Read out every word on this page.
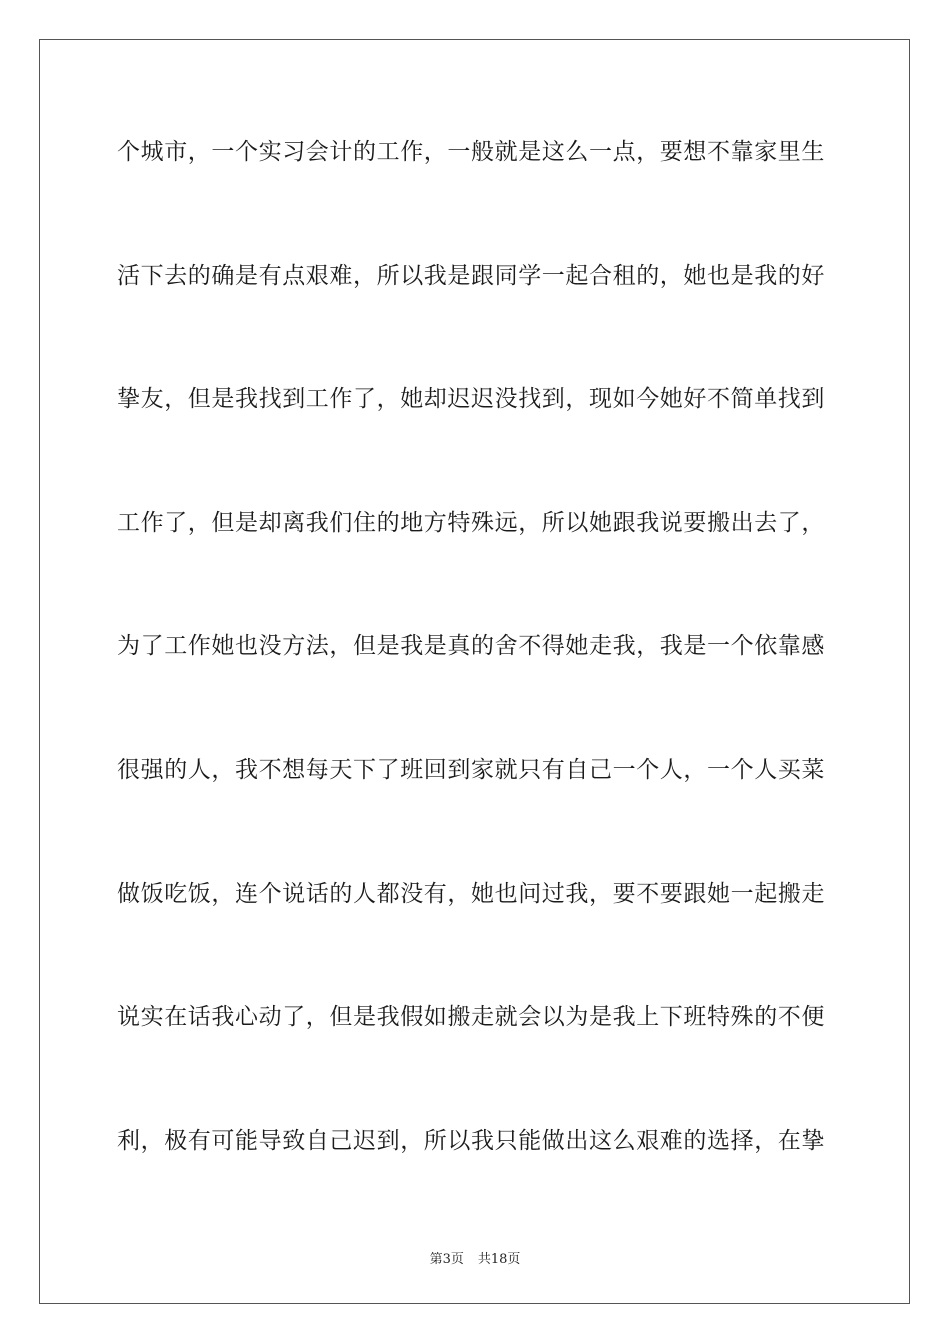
个城市，一个实习会计的工作，一般就是这么一点，要想不靠家里生
活下去的确是有点艰难，所以我是跟同学一起合租的，她也是我的好
挚友，但是我找到工作了，她却迟迟没找到，现如今她好不简单找到
工作了，但是却离我们住的地方特殊远，所以她跟我说要搬出去了，
为了工作她也没方法，但是我是真的舍不得她走我，我是一个依靠感
很强的人，我不想每天下了班回到家就只有自己一个人，一个人买菜
做饭吃饭，连个说话的人都没有，她也问过我，要不要跟她一起搬走
说实在话我心动了，但是我假如搬走就会以为是我上下班特殊的不便
利，极有可能导致自己迟到，所以我只能做出这么艰难的选择，在挚
第3页 共18页
